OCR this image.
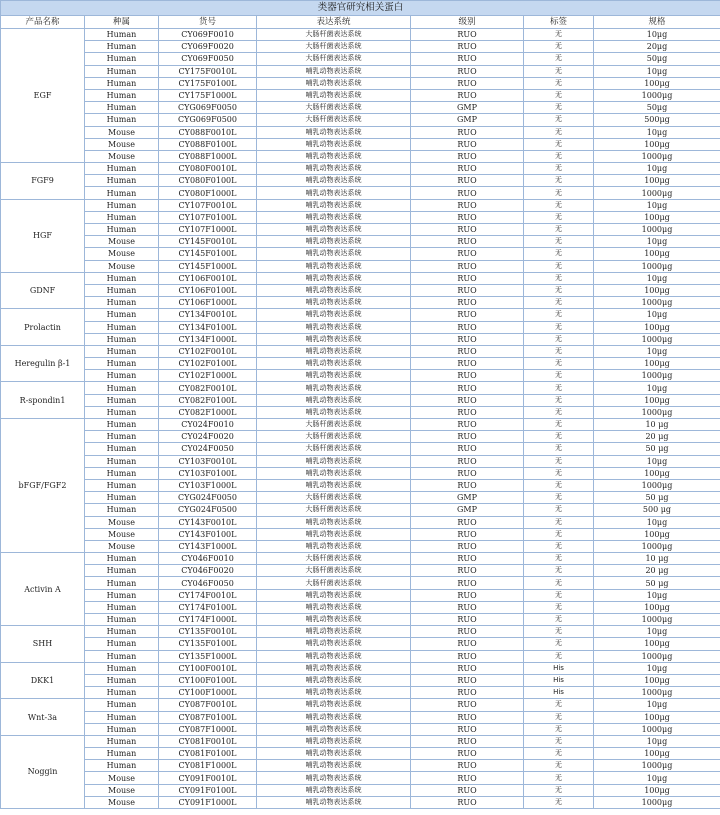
类器官研究相关蛋白						
产品名称	种属	货号	表达系统	级别	标签	规格
EGF	Human	CY069F0010	大肠杆菌表达系统	RUO	无	10μg
	Human	CY069F0020	大肠杆菌表达系统	RUO	无	20μg
	Human	CY069F0050	大肠杆菌表达系统	RUO	无	50μg
	Human	CY175F0010L	哺乳动物表达系统	RUO	无	10μg
	Human	CY175F0100L	哺乳动物表达系统	RUO	无	100μg
	Human	CY175F1000L	哺乳动物表达系统	RUO	无	1000μg
	Human	CYG069F0050	大肠杆菌表达系统	GMP	无	50μg
	Human	CYG069F0500	大肠杆菌表达系统	GMP	无	500μg
	Mouse	CY088F0010L	哺乳动物表达系统	RUO	无	10μg
	Mouse	CY088F0100L	哺乳动物表达系统	RUO	无	100μg
	Mouse	CY088F1000L	哺乳动物表达系统	RUO	无	1000μg
FGF9	Human	CY080F0010L	哺乳动物表达系统	RUO	无	10μg
	Human	CY080F0100L	哺乳动物表达系统	RUO	无	100μg
	Human	CY080F1000L	哺乳动物表达系统	RUO	无	1000μg
HGF	Human	CY107F0010L	哺乳动物表达系统	RUO	无	10μg
	Human	CY107F0100L	哺乳动物表达系统	RUO	无	100μg
	Human	CY107F1000L	哺乳动物表达系统	RUO	无	1000μg
	Mouse	CY145F0010L	哺乳动物表达系统	RUO	无	10μg
	Mouse	CY145F0100L	哺乳动物表达系统	RUO	无	100μg
	Mouse	CY145F1000L	哺乳动物表达系统	RUO	无	1000μg
GDNF	Human	CY106F0010L	哺乳动物表达系统	RUO	无	10μg
	Human	CY106F0100L	哺乳动物表达系统	RUO	无	100μg
	Human	CY106F1000L	哺乳动物表达系统	RUO	无	1000μg
Prolactin	Human	CY134F0010L	哺乳动物表达系统	RUO	无	10μg
	Human	CY134F0100L	哺乳动物表达系统	RUO	无	100μg
	Human	CY134F1000L	哺乳动物表达系统	RUO	无	1000μg
Heregulin β-1	Human	CY102F0010L	哺乳动物表达系统	RUO	无	10μg
	Human	CY102F0100L	哺乳动物表达系统	RUO	无	100μg
	Human	CY102F1000L	哺乳动物表达系统	RUO	无	1000μg
R-spondin1	Human	CY082F0010L	哺乳动物表达系统	RUO	无	10μg
	Human	CY082F0100L	哺乳动物表达系统	RUO	无	100μg
	Human	CY082F1000L	哺乳动物表达系统	RUO	无	1000μg
bFGF/FGF2	Human	CY024F0010	大肠杆菌表达系统	RUO	无	10 μg
	Human	CY024F0020	大肠杆菌表达系统	RUO	无	20 μg
	Human	CY024F0050	大肠杆菌表达系统	RUO	无	50 μg
	Human	CY103F0010L	哺乳动物表达系统	RUO	无	10μg
	Human	CY103F0100L	哺乳动物表达系统	RUO	无	100μg
	Human	CY103F1000L	哺乳动物表达系统	RUO	无	1000μg
	Human	CYG024F0050	大肠杆菌表达系统	GMP	无	50 μg
	Human	CYG024F0500	大肠杆菌表达系统	GMP	无	500 μg
	Mouse	CY143F0010L	哺乳动物表达系统	RUO	无	10μg
	Mouse	CY143F0100L	哺乳动物表达系统	RUO	无	100μg
	Mouse	CY143F1000L	哺乳动物表达系统	RUO	无	1000μg
Activin A	Human	CY046F0010	大肠杆菌表达系统	RUO	无	10 μg
	Human	CY046F0020	大肠杆菌表达系统	RUO	无	20 μg
	Human	CY046F0050	大肠杆菌表达系统	RUO	无	50 μg
	Human	CY174F0010L	哺乳动物表达系统	RUO	无	10μg
	Human	CY174F0100L	哺乳动物表达系统	RUO	无	100μg
	Human	CY174F1000L	哺乳动物表达系统	RUO	无	1000μg
SHH	Human	CY135F0010L	哺乳动物表达系统	RUO	无	10μg
	Human	CY135F0100L	哺乳动物表达系统	RUO	无	100μg
	Human	CY135F1000L	哺乳动物表达系统	RUO	无	1000μg
DKK1	Human	CY100F0010L	哺乳动物表达系统	RUO	His	10μg
	Human	CY100F0100L	哺乳动物表达系统	RUO	His	100μg
	Human	CY100F1000L	哺乳动物表达系统	RUO	His	1000μg
Wnt-3a	Human	CY087F0010L	哺乳动物表达系统	RUO	无	10μg
	Human	CY087F0100L	哺乳动物表达系统	RUO	无	100μg
	Human	CY087F1000L	哺乳动物表达系统	RUO	无	1000μg
Noggin	Human	CY081F0010L	哺乳动物表达系统	RUO	无	10μg
	Human	CY081F0100L	哺乳动物表达系统	RUO	无	100μg
	Human	CY081F1000L	哺乳动物表达系统	RUO	无	1000μg
	Mouse	CY091F0010L	哺乳动物表达系统	RUO	无	10μg
	Mouse	CY091F0100L	哺乳动物表达系统	RUO	无	100μg
	Mouse	CY091F1000L	哺乳动物表达系统	RUO	无	1000μg
